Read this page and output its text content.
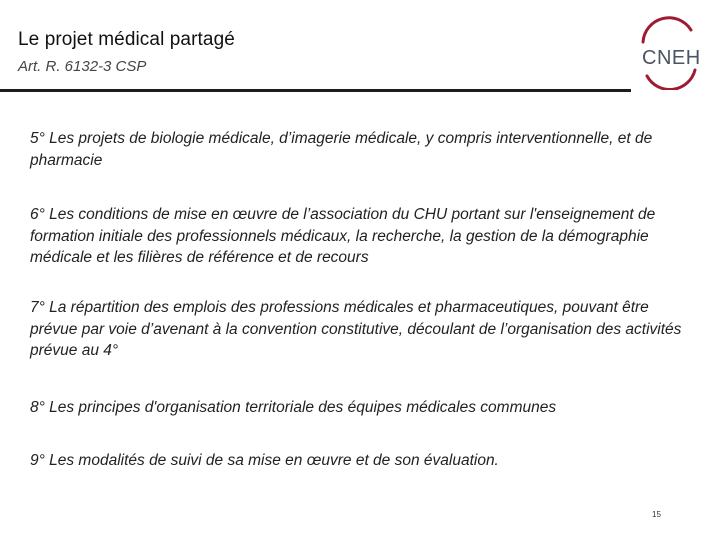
Le projet médical partagé
Art. R. 6132-3 CSP	CNEH

5° Les projets de biologie médicale, d’imagerie médicale, y compris interventionnelle, et de pharmacie

6° Les conditions de mise en œuvre de l’association du CHU portant sur l'enseignement de formation initiale des professionnels médicaux, la recherche, la gestion de la démographie médicale et les filières de référence et de recours

7° La répartition des emplois des professions médicales et pharmaceutiques, pouvant être prévue par voie d’avenant à la convention constitutive, découlant de l’organisation des activités prévue au 4°

8° Les principes d'organisation territoriale des équipes médicales communes

9° Les modalités de suivi de sa mise en œuvre et de son évaluation.

15
